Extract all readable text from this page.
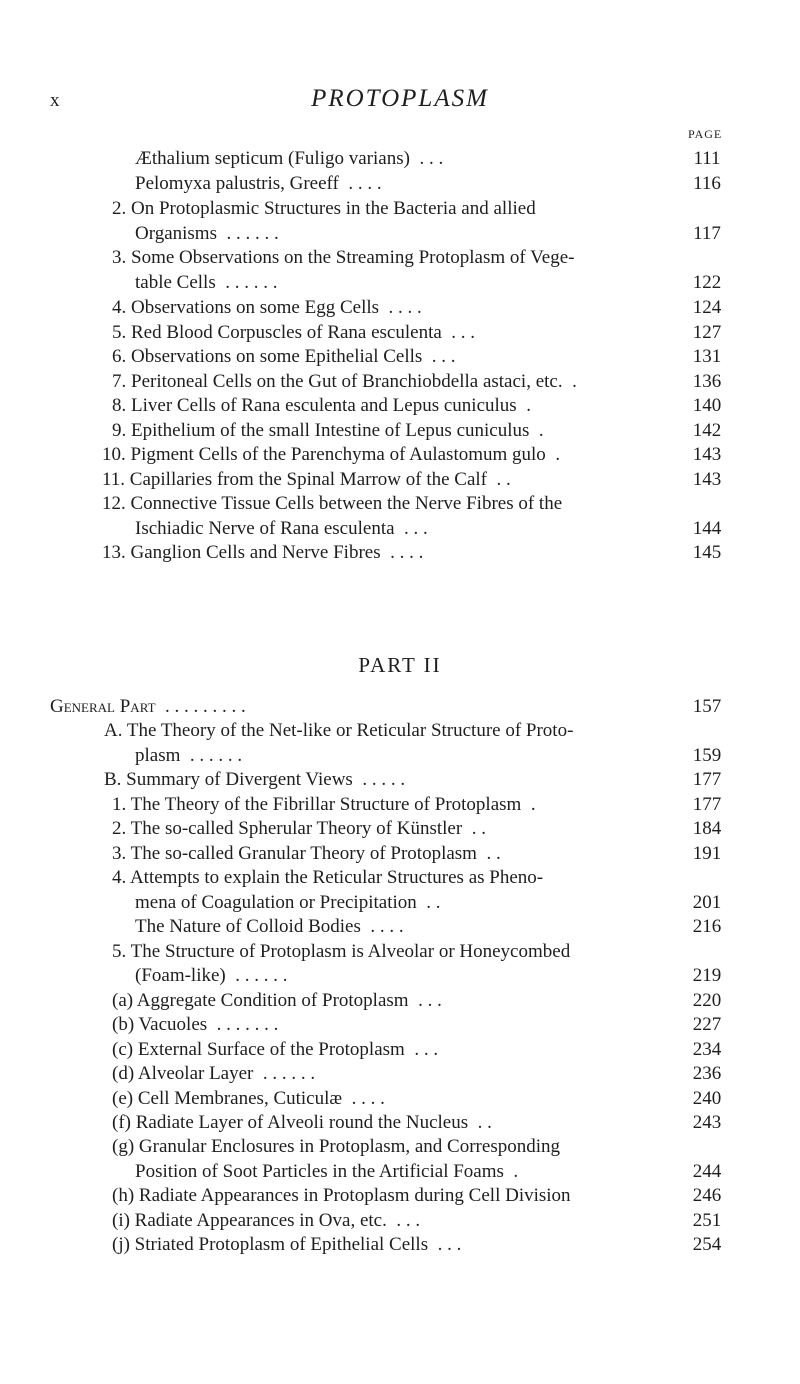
x	PROTOPLASM
PAGE
Æthalium septicum (Fuligo varians)  . . .	111
Pelomyxa palustris, Greeff  . . . .	116
2. On Protoplasmic Structures in the Bacteria and allied
Organisms  . . . . . .	117
3. Some Observations on the Streaming Protoplasm of Vege-
table Cells  . . . . . .	122
4. Observations on some Egg Cells  . . . .	124
5. Red Blood Corpuscles of Rana esculenta  . . .	127
6. Observations on some Epithelial Cells  . . .	131
7. Peritoneal Cells on the Gut of Branchiobdella astaci, etc.  .	136
8. Liver Cells of Rana esculenta and Lepus cuniculus  .	140
9. Epithelium of the small Intestine of Lepus cuniculus  .	142
10. Pigment Cells of the Parenchyma of Aulastomum gulo  .	143
11. Capillaries from the Spinal Marrow of the Calf  . .	143
12. Connective Tissue Cells between the Nerve Fibres of the
Ischiadic Nerve of Rana esculenta  . . .	144
13. Ganglion Cells and Nerve Fibres  . . . .	145
PART II
General Part  . . . . . . . . .	157
A. The Theory of the Net-like or Reticular Structure of Proto-
plasm  . . . . . .	159
B. Summary of Divergent Views  . . . . .	177
1. The Theory of the Fibrillar Structure of Protoplasm  .	177
2. The so-called Spherular Theory of Künstler  . .	184
3. The so-called Granular Theory of Protoplasm  . .	191
4. Attempts to explain the Reticular Structures as Pheno-
mena of Coagulation or Precipitation  . .	201
The Nature of Colloid Bodies  . . . .	216
5. The Structure of Protoplasm is Alveolar or Honeycombed
(Foam-like)  . . . . . .	219
(a) Aggregate Condition of Protoplasm  . . .	220
(b) Vacuoles  . . . . . . .	227
(c) External Surface of the Protoplasm  . . .	234
(d) Alveolar Layer  . . . . . .	236
(e) Cell Membranes, Cuticulæ  . . . .	240
(f) Radiate Layer of Alveoli round the Nucleus  . .	243
(g) Granular Enclosures in Protoplasm, and Corresponding
Position of Soot Particles in the Artificial Foams  .	244
(h) Radiate Appearances in Protoplasm during Cell Division	246
(i) Radiate Appearances in Ova, etc.  . . .	251
(j) Striated Protoplasm of Epithelial Cells  . . .	254
